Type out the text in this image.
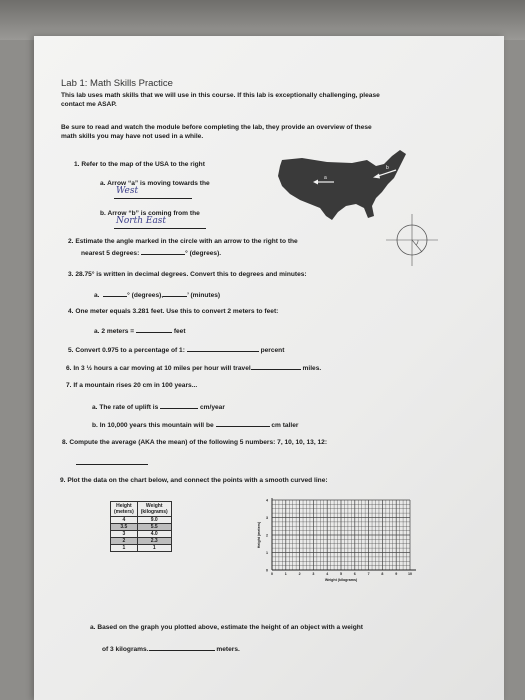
Lab 1: Math Skills Practice
This lab uses math skills that we will use in this course. If this lab is exceptionally challenging, please
contact me ASAP.
Be sure to read and watch the module before completing the lab, they provide an overview of these
math skills you may have not used in a while.
1. Refer to the map of the USA to the right
a. Arrow “a” is moving towards the
West
b. Arrow “b” is coming from the
North East
a
b
2. Estimate the angle marked in the circle with an arrow to the right to the
nearest 5 degrees:	° (degrees).
3. 28.75° is written in decimal degrees. Convert this to degrees and minutes:
a.	° (degrees),	’ (minutes)
4. One meter equals 3.281 feet. Use this to convert 2 meters to feet:
a. 2 meters =	feet
5. Convert 0.975 to a percentage of 1:	percent
6. In 3 ½ hours a car moving at 10 miles per hour will travel	miles.
7. If a mountain rises 20 cm in 100 years...
a. The rate of uplift is	cm/year
b. In 10,000 years this mountain will be	cm taller
8. Compute the average (AKA the mean) of the following 5 numbers: 7, 10, 10, 13, 12:
9. Plot the data on the chart below, and connect the points with a smooth curved line:
Height
(meters)	Weight
(kilograms)
4	9.0
3.5	5.5
3	4.0
2	2.3
1	1
0	1	2	3	4	5	6	7	8	9	10
0
1
2
3
4
Weight (kilograms)
Height (meters)
a. Based on the graph you plotted above, estimate the height of an object with a weight
of 3 kilograms.	meters.
